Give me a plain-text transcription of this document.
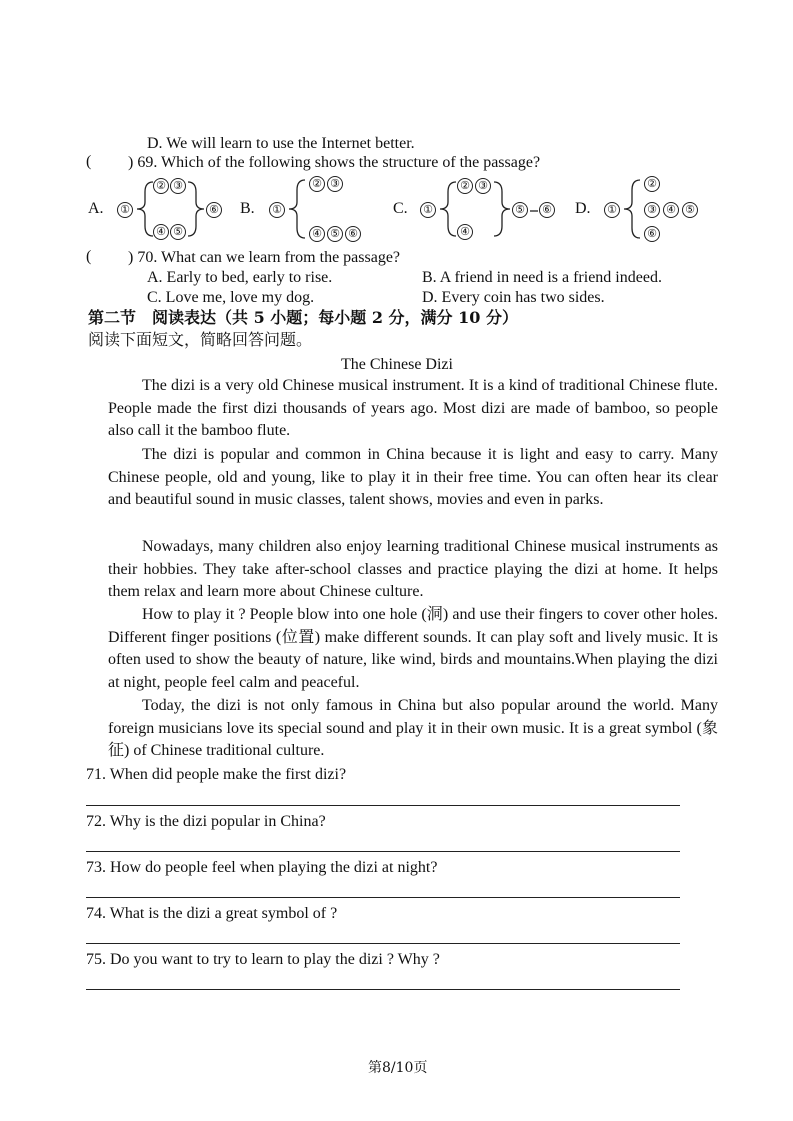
D. We will learn to use the Internet better.
( ) 69. Which of the following shows the structure of the passage?
A. ①
② ③
④ ⑤
⑥ B. ①
② ③
④ ⑤ ⑥
C. ①
② ③
④
⑤ ⑥ D. ①
②
③ ④ ⑤
⑥
( ) 70. What can we learn from the passage?
A. Early to bed, early to rise.	B. A friend in need is a friend indeed.
C. Love me, love my dog.	D. Every coin has two sides.
第二节　阅读表达（共 5 小题；每小题 2 分，满分 10 分）
阅读下面短文，简略回答问题。
The Chinese Dizi
The dizi is a very old Chinese musical instrument. It is a kind of traditional Chinese flute. People made the first dizi thousands of years ago. Most dizi are made of bamboo, so people also call it the bamboo flute.
The dizi is popular and common in China because it is light and easy to carry. Many Chinese people, old and young, like to play it in their free time. You can often hear its clear and beautiful sound in music classes, talent shows, movies and even in parks.
Nowadays, many children also enjoy learning traditional Chinese musical instruments as their hobbies. They take after-school classes and practice playing the dizi at home. It helps them relax and learn more about Chinese culture.
How to play it ? People blow into one hole (洞) and use their fingers to cover other holes. Different finger positions (位置) make different sounds. It can play soft and lively music. It is often used to show the beauty of nature, like wind, birds and mountains.When playing the dizi at night, people feel calm and peaceful.
Today, the dizi is not only famous in China but also popular around the world. Many foreign musicians love its special sound and play it in their own music. It is a great symbol (象征) of Chinese traditional culture.
71. When did people make the first dizi?
72. Why is the dizi popular in China?
73. How do people feel when playing the dizi at night?
74. What is the dizi a great symbol of ?
75. Do you want to try to learn to play the dizi ? Why ?
第8/10页
